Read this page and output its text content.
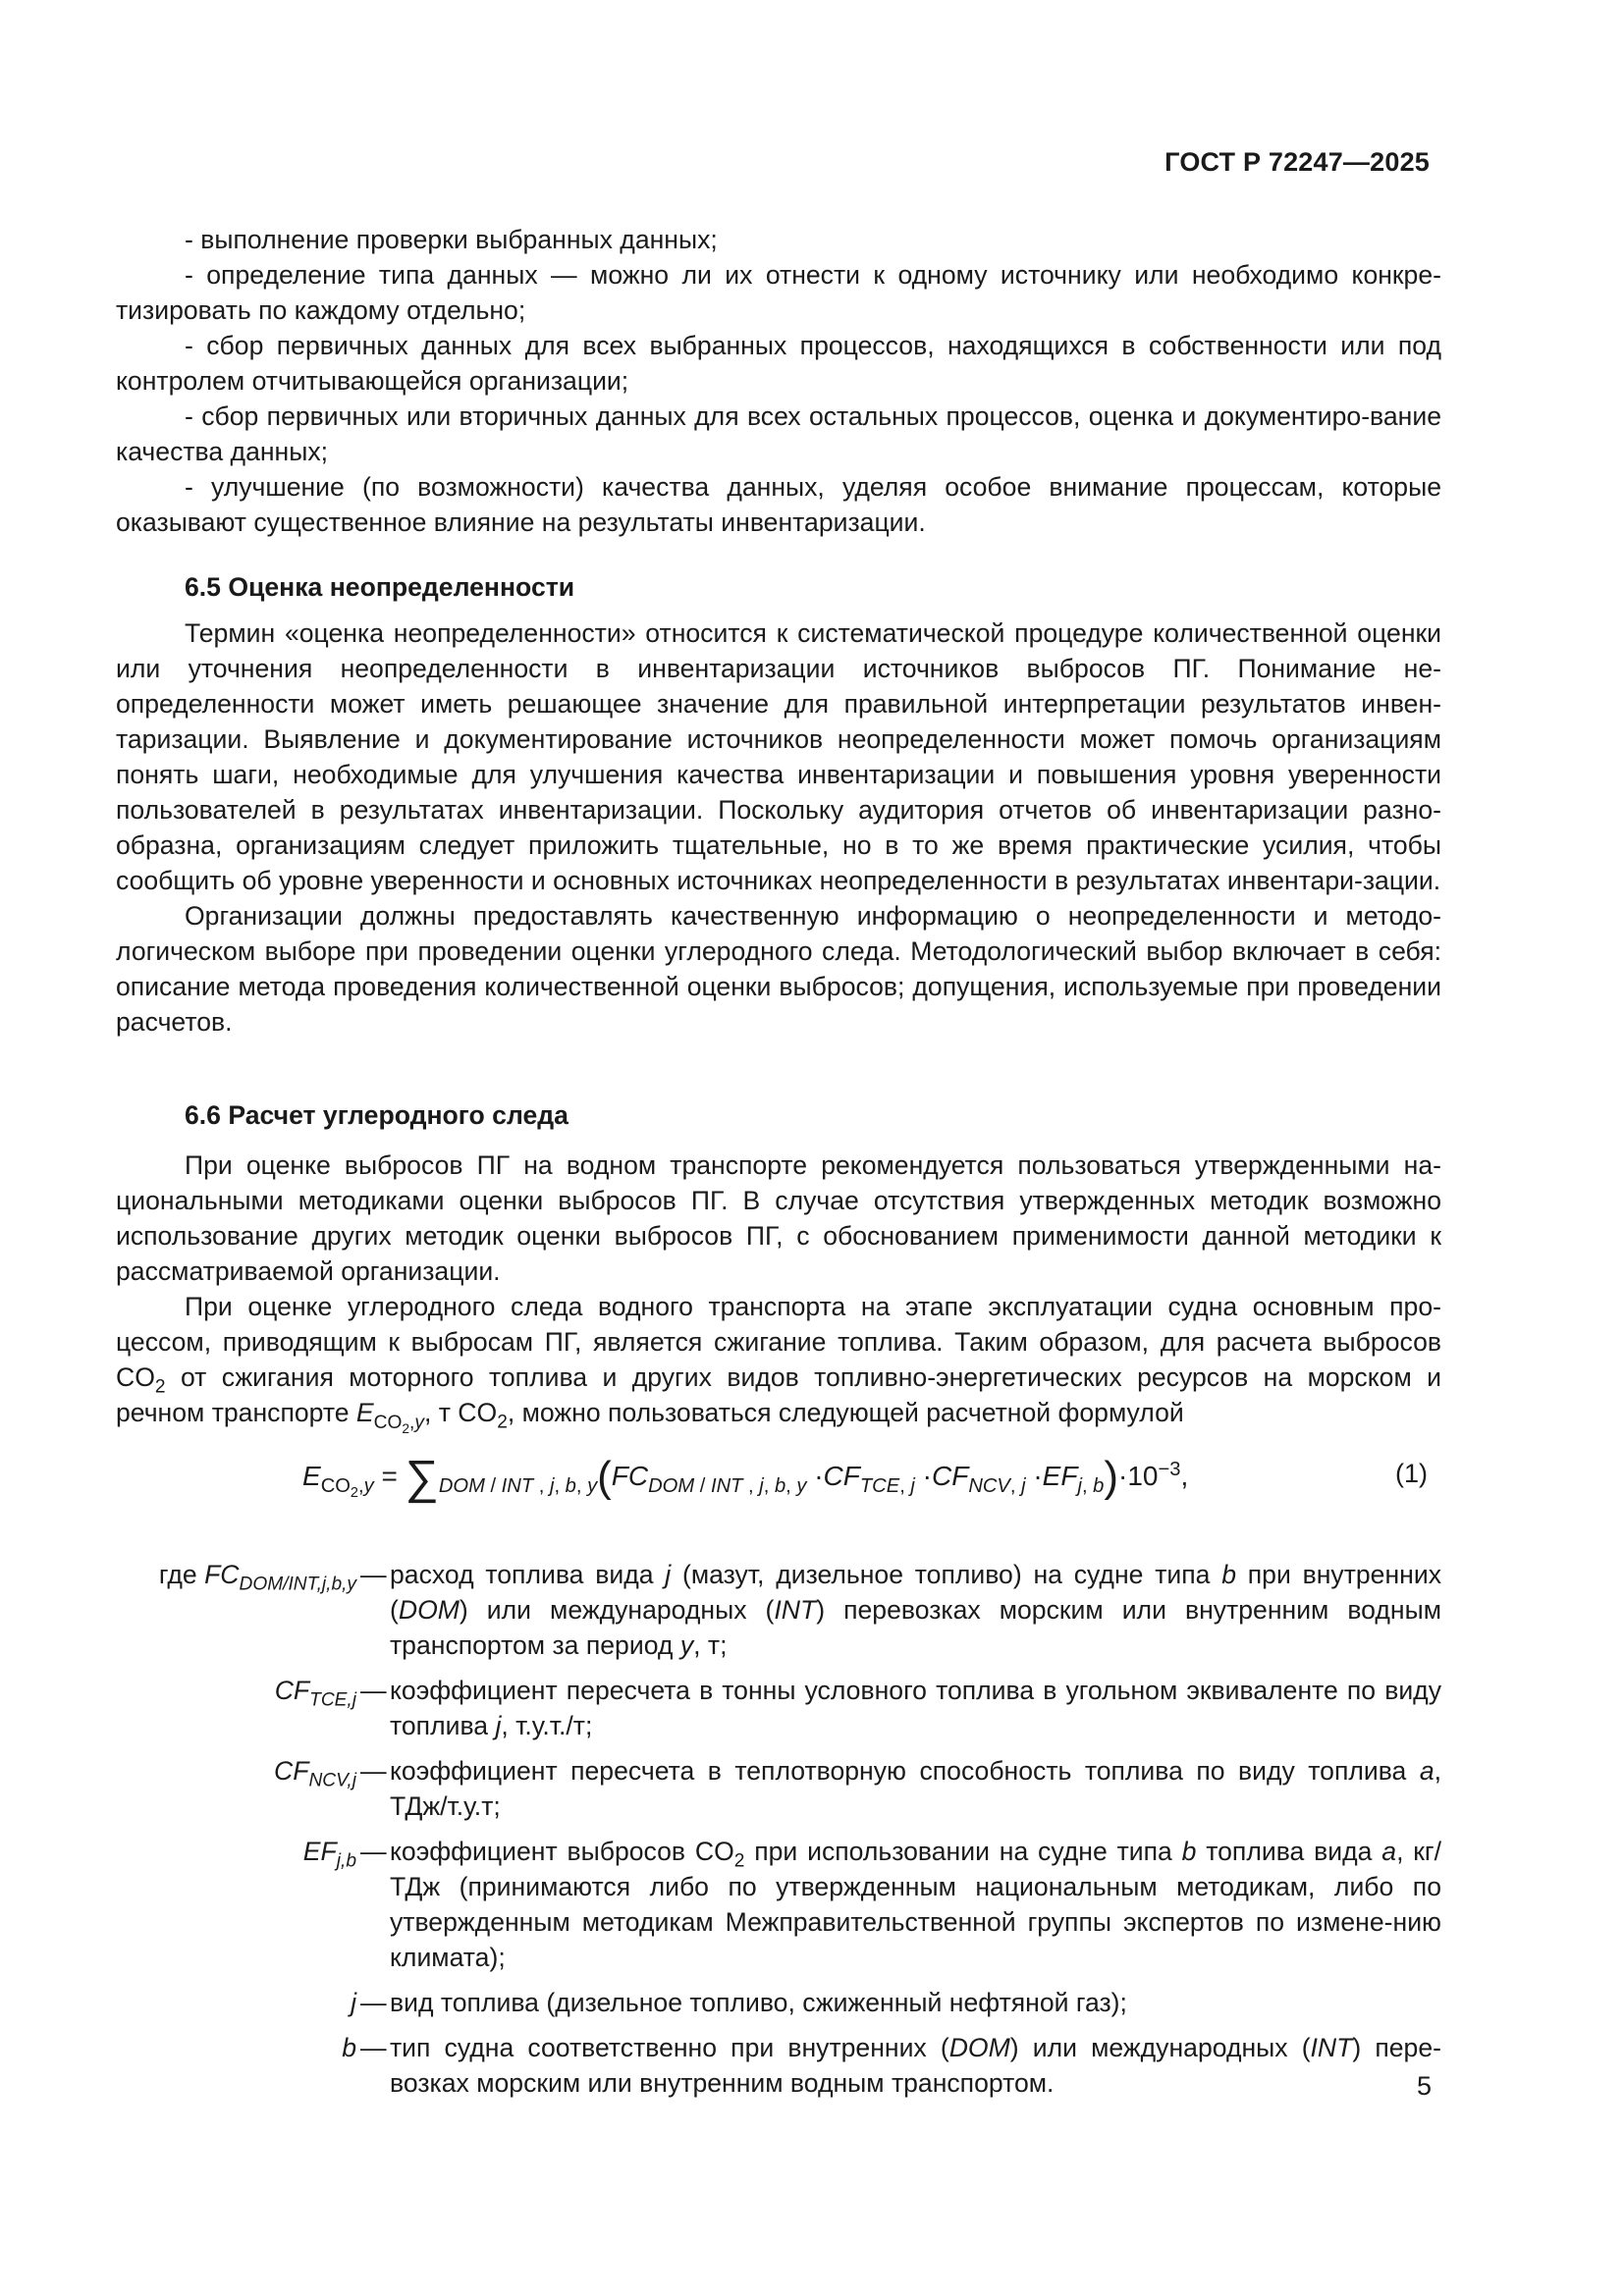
ГОСТ Р 72247—2025

- выполнение проверки выбранных данных;

- определение типа данных — можно ли их отнести к одному источнику или необходимо конкре-тизировать по каждому отдельно;

- сбор первичных данных для всех выбранных процессов, находящихся в собственности или под контролем отчитывающейся организации;

- сбор первичных или вторичных данных для всех остальных процессов, оценка и документиро-вание качества данных;

- улучшение (по возможности) качества данных, уделяя особое внимание процессам, которые оказывают существенное влияние на результаты инвентаризации.

6.5 Оценка неопределенности

Термин «оценка неопределенности» относится к систематической процедуре количественной оценки или уточнения неопределенности в инвентаризации источников выбросов ПГ. Понимание не-определенности может иметь решающее значение для правильной интерпретации результатов инвен-таризации. Выявление и документирование источников неопределенности может помочь организациям понять шаги, необходимые для улучшения качества инвентаризации и повышения уровня уверенности пользователей в результатах инвентаризации. Поскольку аудитория отчетов об инвентаризации разно-образна, организациям следует приложить тщательные, но в то же время практические усилия, чтобы сообщить об уровне уверенности и основных источниках неопределенности в результатах инвентари-зации.

Организации должны предоставлять качественную информацию о неопределенности и методо-логическом выборе при проведении оценки углеродного следа. Методологический выбор включает в себя: описание метода проведения количественной оценки выбросов; допущения, используемые при проведении расчетов.

6.6 Расчет углеродного следа

При оценке выбросов ПГ на водном транспорте рекомендуется пользоваться утвержденными на-циональными методиками оценки выбросов ПГ. В случае отсутствия утвержденных методик возможно использование других методик оценки выбросов ПГ, с обоснованием применимости данной методики к рассматриваемой организации.

При оценке углеродного следа водного транспорта на этапе эксплуатации судна основным про-цессом, приводящим к выбросам ПГ, является сжигание топлива. Таким образом, для расчета выбросов $CO_2$ от сжигания моторного топлива и других видов топливно-энергетических ресурсов на морском и речном транспорте $E_{CO_2,y}$, т $CO_2$, можно пользоваться следующей расчетной формулой

$E_{CO_2,y} = \sum_{DOM / INT , j, b, y}(FC_{DOM / INT , j, b, y} \cdot CF_{TCE, j} \cdot CF_{NCV, j} \cdot EF_{j, b})\cdot 10^{-3}$,	(1)
где $FC_{DOM/INT,j,b,y}$ — расход топлива вида j (мазут, дизельное топливо) на судне типа b при внутренних (DOM) или международных (INT) перевозках морским или внутренним водным транспортом за период y, т;
$CF_{TCE,j}$ — коэффициент пересчета в тонны условного топлива в угольном эквиваленте по виду топлива j, т.у.т./т;
$CF_{NCV,j}$ — коэффициент пересчета в теплотворную способность топлива по виду топлива a, ТДж/т.у.т;
$EF_{j,b}$ — коэффициент выбросов $CO_2$ при использовании на судне типа b топлива вида a, кг/ТДж (принимаются либо по утвержденным национальным методикам, либо по утвержденным методикам Межправительственной группы экспертов по измене-нию климата);
j — вид топлива (дизельное топливо, сжиженный нефтяной газ);
b — тип судна соответственно при внутренних (DOM) или международных (INT) пере-возках морским или внутренним водным транспортом.	5
